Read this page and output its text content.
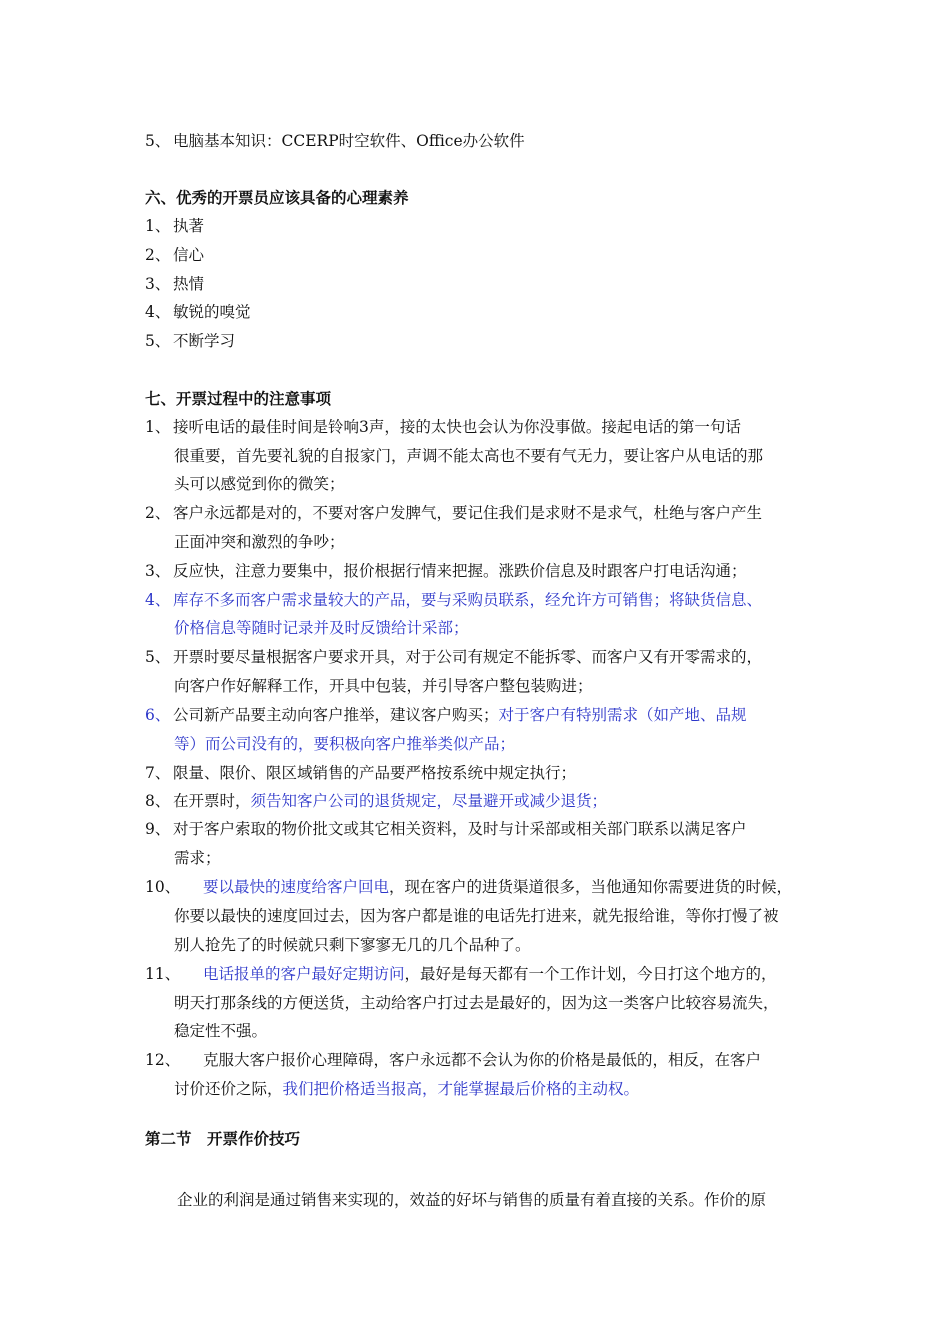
5、 电脑基本知识：CCERP时空软件、Office办公软件
六、优秀的开票员应该具备的心理素养
1、 执著
2、 信心
3、 热情
4、 敏锐的嗅觉
5、 不断学习
七、开票过程中的注意事项
1、 接听电话的最佳时间是铃响3声，接的太快也会认为你没事做。接起电话的第一句话
很重要，首先要礼貌的自报家门，声调不能太高也不要有气无力，要让客户从电话的那
头可以感觉到你的微笑；
2、 客户永远都是对的，不要对客户发脾气，要记住我们是求财不是求气，杜绝与客户产生
正面冲突和激烈的争吵；
3、 反应快，注意力要集中，报价根据行情来把握。涨跌价信息及时跟客户打电话沟通；
4、 库存不多而客户需求量较大的产品，要与采购员联系，经允许方可销售；将缺货信息、
价格信息等随时记录并及时反馈给计采部；
5、 开票时要尽量根据客户要求开具，对于公司有规定不能拆零、而客户又有开零需求的，
向客户作好解释工作，开具中包装，并引导客户整包装购进；
6、 公司新产品要主动向客户推举，建议客户购买；对于客户有特别需求（如产地、品规
等）而公司没有的，要积极向客户推举类似产品；
7、 限量、限价、限区域销售的产品要严格按系统中规定执行；
8、 在开票时，须告知客户公司的退货规定，尽量避开或减少退货；
9、 对于客户索取的物价批文或其它相关资料，及时与计采部或相关部门联系以满足客户
需求；
10、 要以最快的速度给客户回电，现在客户的进货渠道很多，当他通知你需要进货的时候，
你要以最快的速度回过去，因为客户都是谁的电话先打进来，就先报给谁，等你打慢了被
别人抢先了的时候就只剩下寥寥无几的几个品种了。
11、 电话报单的客户最好定期访问，最好是每天都有一个工作计划，今日打这个地方的，
明天打那条线的方便送货，主动给客户打过去是最好的，因为这一类客户比较容易流失，
稳定性不强。
12、 克服大客户报价心理障碍，客户永远都不会认为你的价格是最低的，相反，在客户
讨价还价之际，我们把价格适当报高，才能掌握最后价格的主动权。
第二节　开票作价技巧
企业的利润是通过销售来实现的，效益的好坏与销售的质量有着直接的关系。作价的原
